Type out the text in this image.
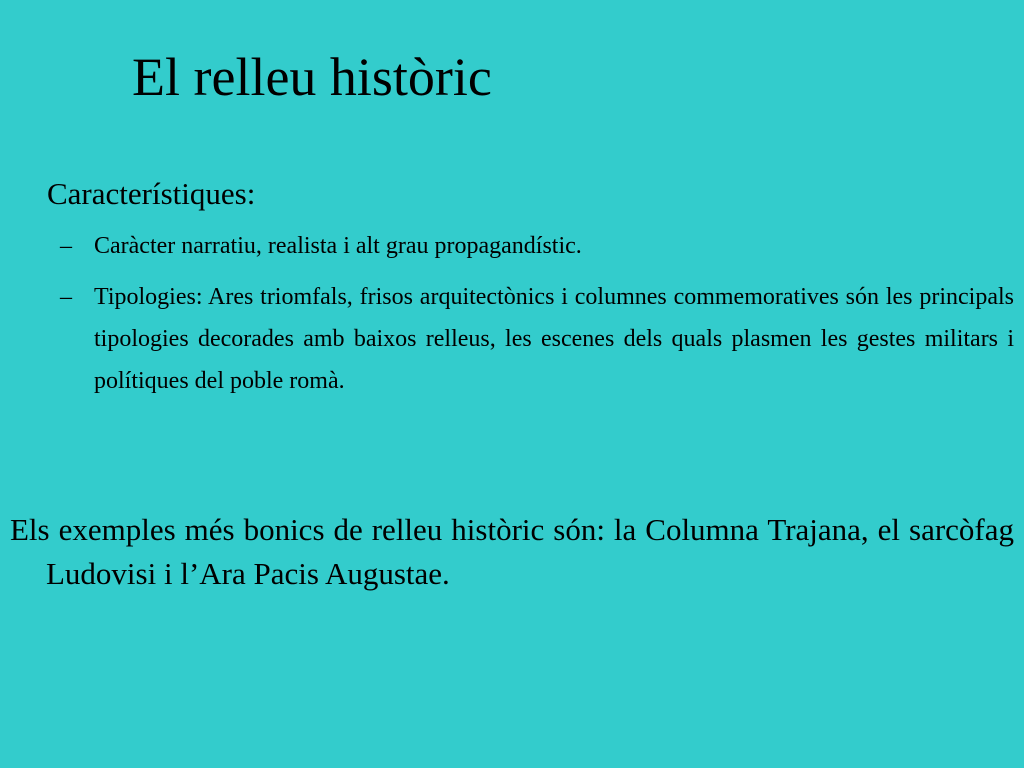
El relleu històric
Característiques:
– Caràcter narratiu, realista i alt grau propagandístic.
– Tipologies: Ares triomfals, frisos arquitectònics i columnes commemoratives són les principals tipologies decorades amb baixos relleus, les escenes dels quals plasmen les gestes militars i polítiques del poble romà.
Els exemples més bonics de relleu històric són: la Columna Trajana, el sarcòfag Ludovisi i l’Ara Pacis Augustae.
